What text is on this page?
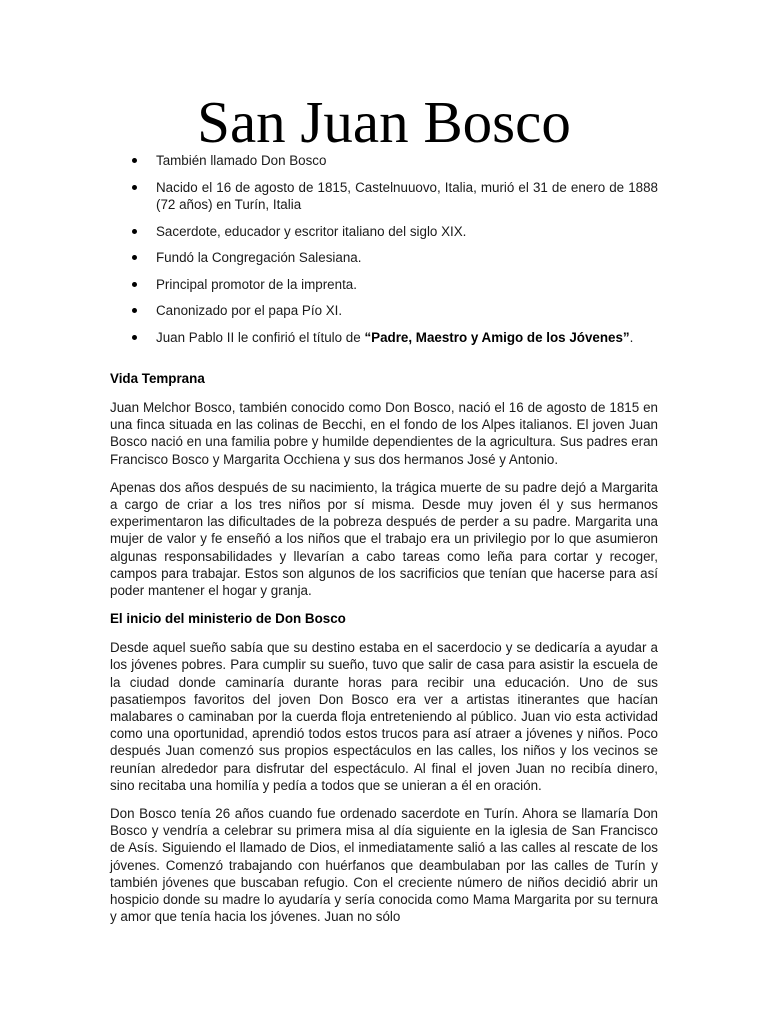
San Juan Bosco
También llamado Don Bosco
Nacido el 16 de agosto de 1815, Castelnuuovo, Italia, murió el 31 de enero de 1888 (72 años) en Turín, Italia
Sacerdote, educador y escritor italiano del siglo XIX.
Fundó la Congregación Salesiana.
Principal promotor de la imprenta.
Canonizado por el papa Pío XI.
Juan Pablo II le confirió el título de “Padre, Maestro y Amigo de los Jóvenes”.
Vida Temprana

Juan Melchor Bosco, también conocido como Don Bosco, nació el 16 de agosto de 1815 en una finca situada en las colinas de Becchi, en el fondo de los Alpes italianos. El joven Juan Bosco nació en una familia pobre y humilde dependientes de la agricultura. Sus padres eran Francisco Bosco y Margarita Occhiena y sus dos hermanos José y Antonio.

Apenas dos años después de su nacimiento, la trágica muerte de su padre dejó a Margarita a cargo de criar a los tres niños por sí misma. Desde muy joven él y sus hermanos experimentaron las dificultades de la pobreza después de perder a su padre. Margarita una mujer de valor y fe enseñó a los niños que el trabajo era un privilegio por lo que asumieron algunas responsabilidades y llevarían a cabo tareas como leña para cortar y recoger, campos para trabajar. Estos son algunos de los sacrificios que tenían que hacerse para así poder mantener el hogar y granja.

El inicio del ministerio de Don Bosco

Desde aquel sueño sabía que su destino estaba en el sacerdocio y se dedicaría a ayudar a los jóvenes pobres. Para cumplir su sueño, tuvo que salir de casa para asistir la escuela de la ciudad donde caminaría durante horas para recibir una educación. Uno de sus pasatiempos favoritos del joven Don Bosco era ver a artistas itinerantes que hacían malabares o caminaban por la cuerda floja entreteniendo al público. Juan vio esta actividad como una oportunidad, aprendió todos estos trucos para así atraer a jóvenes y niños. Poco después Juan comenzó sus propios espectáculos en las calles, los niños y los vecinos se reunían alrededor para disfrutar del espectáculo. Al final el joven Juan no recibía dinero, sino recitaba una homilía y pedía a todos que se unieran a él en oración.

Don Bosco tenía 26 años cuando fue ordenado sacerdote en Turín. Ahora se llamaría Don Bosco y vendría a celebrar su primera misa al día siguiente en la iglesia de San Francisco de Asís. Siguiendo el llamado de Dios, el inmediatamente salió a las calles al rescate de los jóvenes. Comenzó trabajando con huérfanos que deambulaban por las calles de Turín y también jóvenes que buscaban refugio. Con el creciente número de niños decidió abrir un hospicio donde su madre lo ayudaría y sería conocida como Mama Margarita por su ternura y amor que tenía hacia los jóvenes. Juan no sólo
